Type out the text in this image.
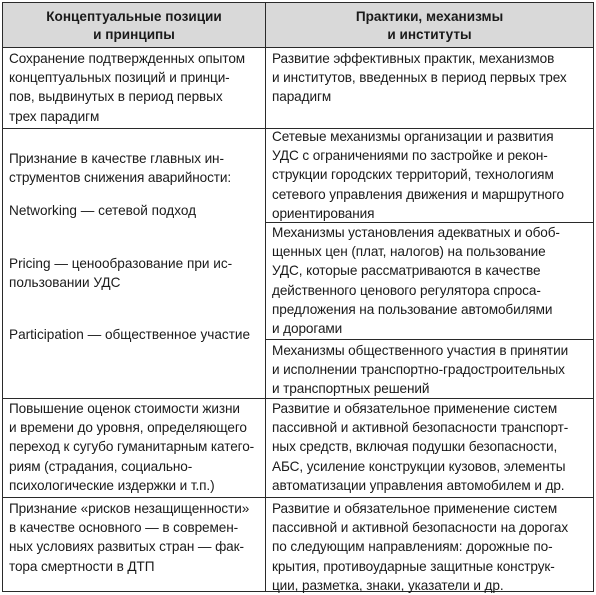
Концептуальные позиции
и принципы
Практики, механизмы
и институты
Сохранение подтвержденных опытом
концептуальных позиций и принци-
пов, выдвинутых в период первых
трех парадигм
Развитие эффективных практик, механизмов
и институтов, введенных в период первых трех
парадигм
Признание в качестве главных ин-
струментов снижения аварийности:
Networking — сетевой подход
Pricing — ценообразование при ис-
пользовании УДС
Participation — общественное участие
Сетевые механизмы организации и развития
УДС с ограничениями по застройке и рекон-
струкции городских территорий, технологиям
сетевого управления движения и маршрутного
ориентирования
Механизмы установления адекватных и обоб-
щенных цен (плат, налогов) на пользование
УДС, которые рассматриваются в качестве
действенного ценового регулятора спроса-
предложения на пользование автомобилями
и дорогами
Механизмы общественного участия в принятии
и исполнении транспортно-градостроительных
и транспортных решений
Повышение оценок стоимости жизни
и времени до уровня, определяющего
переход к сугубо гуманитарным катего-
риям (страдания, социально-
психологические издержки и т.п.)
Развитие и обязательное применение систем
пассивной и активной безопасности транспорт-
ных средств, включая подушки безопасности,
АБС, усиление конструкции кузовов, элементы
автоматизации управления автомобилем и др.
Признание «рисков незащищенности»
в качестве основного — в современ-
ных условиях развитых стран — фак-
тора смертности в ДТП
Развитие и обязательное применение систем
пассивной и активной безопасности на дорогах
по следующим направлениям: дорожные по-
крытия, противоударные защитные конструк-
ции, разметка, знаки, указатели и др.
